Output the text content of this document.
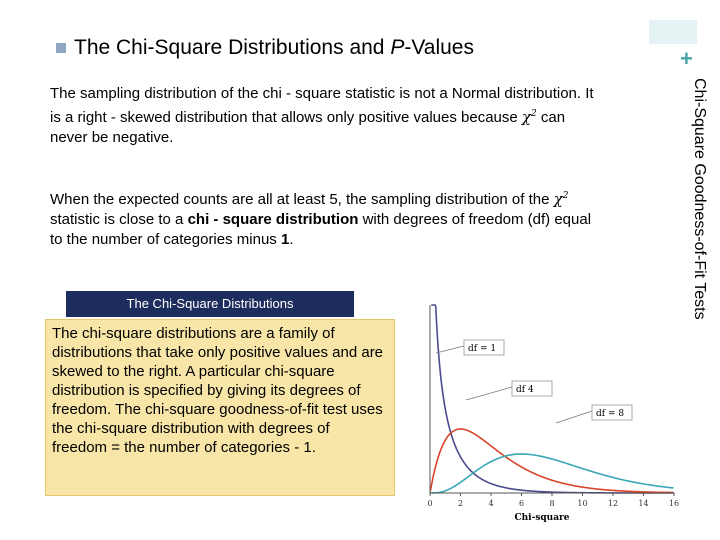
The Chi-Square Distributions and P-Values	+
Chi-Square Goodness-of-Fit Tests
The sampling distribution of the chi - square statistic is not a Normal distribution. It is a right - skewed distribution that allows only positive values because $\chi^2$ can never be negative.
When the expected counts are all at least 5, the sampling distribution of the $\chi^2$ statistic is close to a chi - square distribution with degrees of freedom (df) equal to the number of categories minus 1.
The Chi-Square Distributions
The chi-square distributions are a family of distributions that take only positive values and are skewed to the right. A particular chi-square distribution is specified by giving its degrees of freedom. The chi-square goodness-of-fit test uses the chi-square distribution with degrees of freedom = the number of categories - 1.
0	2	4	6	8	10	12	14	16
Chi-square
df = 1
df 4
df = 8
